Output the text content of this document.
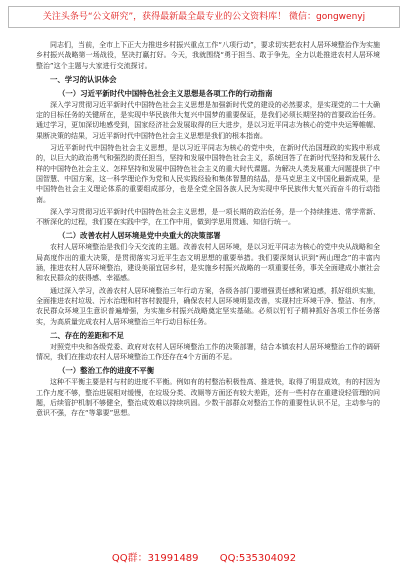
关注头条号“公文研究”，获得最新最全最专业的公文资料库！ 微信：gongwenyj

同志们，当前，全市上下正大力推进乡村振兴重点工作“八项行动”，要求切实把农村人居环境整治作为实施乡村振兴战略第一场战役，坚决打赢打好。今天，我就围绕“勇于担当、敢于争先，全力以赴推进农村人居环境整治”这个主题与大家进行交流探讨。

一、学习的认识体会
（一）习近平新时代中国特色社会主义思想是各项工作的行动指南

深入学习贯彻习近平新时代中国特色社会主义思想是加强新时代党的建设的必然要求，是实现党的二十大确定的目标任务的关键所在，是实现中华民族伟大复兴中国梦的重要保证，是我们必须长期坚持的首要政治任务。通过学习，更加深切地感受到，国家经济社会发展取得的巨大进步，是以习近平同志为核心的党中央运筹帷幄、果断决策的结果，习近平新时代中国特色社会主义思想是我们的根本指南。

习近平新时代中国特色社会主义思想，是以习近平同志为核心的党中央，在新时代治国理政的实践中形成的，以巨大的政治勇气和强烈的责任担当，坚持和发展中国特色社会主义，系统回答了在新时代坚持和发展什么样的中国特色社会主义、怎样坚持和发展中国特色社会主义的重大时代课题。为解决人类发展重大问题提供了中国智慧、中国方案，这一科学理论作为党和人民实践经验和集体智慧的结晶，是马克思主义中国化最新成果，是中国特色社会主义理论体系的重要组成部分，也是全党全国各族人民为实现中华民族伟大复兴而奋斗的行动指南。

深入学习贯彻习近平新时代中国特色社会主义思想，是一项长期的政治任务，是一个持续推进、常学常新、不断深化的过程，我们要在实践中学，在工作中用，做到学思用贯通、知信行统一。

（二）改善农村人居环境是党中央重大的决策部署

农村人居环境整治是我们今天交流的主题。改善农村人居环境，是以习近平同志为核心的党中央从战略和全局高度作出的重大决策，是贯彻落实习近平生态文明思想的重要举措。我们要深刻认识到“两山理念”的丰富内涵，推进农村人居环境整治，建设美丽宜居乡村，是实施乡村振兴战略的一项重要任务，事关全面建成小康社会和农民群众的获得感、幸福感。

通过深入学习，改善农村人居环境整治三年行动方案，各级各部门要增强责任感和紧迫感，抓好组织实施，全面推进农村垃圾、污水治理和村容村貌提升，确保农村人居环境明显改善，实现村庄环境干净、整洁、有序，农民群众环境卫生意识普遍增强，为实施乡村振兴战略奠定坚实基础。必须以钉钉子精神抓好各项工作任务落实，为高质量完成农村人居环境整治三年行动目标任务。

二、存在的差距和不足

对照党中央和各级党委、政府对农村人居环境整治工作的决策部署，结合本镇农村人居环境整治工作的调研情况，我们在推动农村人居环境整治工作还存在4个方面的不足。

（一）整治工作的进度不平衡

这种不平衡主要是村与村的进度不平衡。例如有的村整治积极性高、推进快，取得了明显成效，有的村因为工作力度不够，整治进展相对缓慢，在垃圾分类、改厕等方面还有较大差距，还有一些村存在重建设轻管理的问题，后续管护机制不够健全，整治成效难以持续巩固。少数干部群众对整治工作的重要性认识不足，主动参与的意识不强，存在“等靠要”思想。

QQ群：31991489 QQ:535304092
